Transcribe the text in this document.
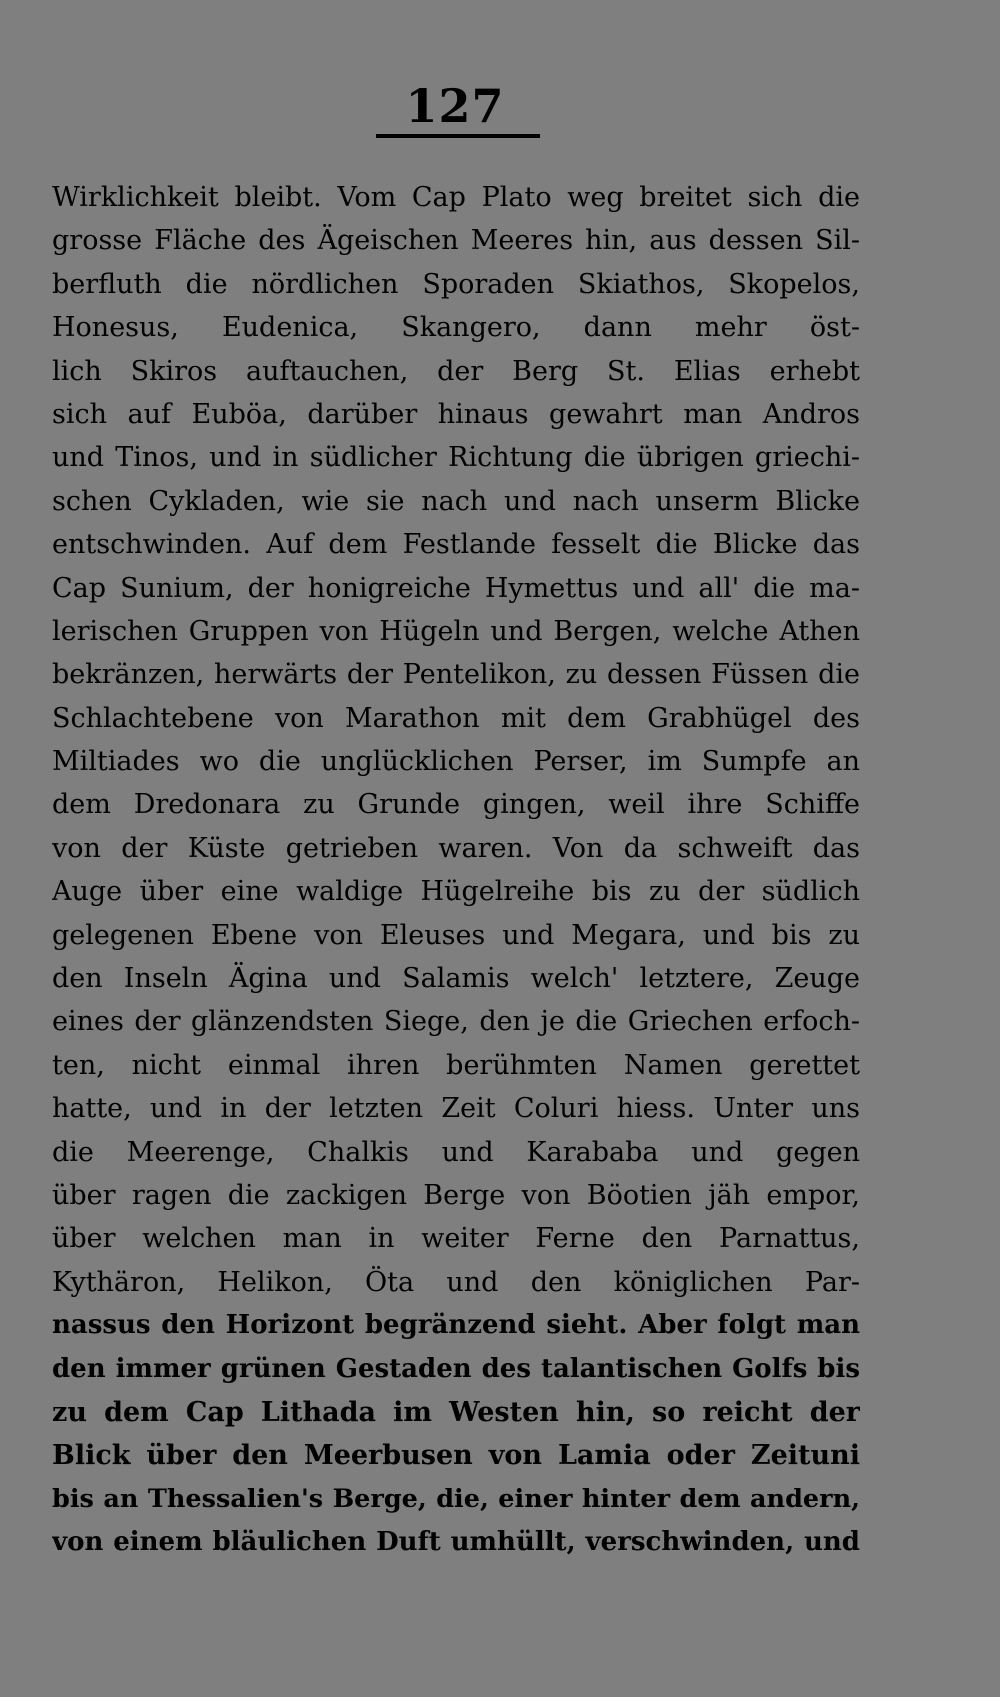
127
Wirklichkeit bleibt. Vom Cap Plato weg breitet sich die
grosse Fläche des Ägeischen Meeres hin, aus dessen Sil-
berfluth die nördlichen Sporaden Skiathos, Skopelos,
Honesus, Eudenica, Skangero, dann mehr öst-
lich Skiros auftauchen, der Berg St. Elias erhebt
sich auf Euböa, darüber hinaus gewahrt man Andros
und Tinos, und in südlicher Richtung die übrigen griechi-
schen Cykladen, wie sie nach und nach unserm Blicke
entschwinden. Auf dem Festlande fesselt die Blicke das
Cap Sunium, der honigreiche Hymettus und all' die ma-
lerischen Gruppen von Hügeln und Bergen, welche Athen
bekränzen, herwärts der Pentelikon, zu dessen Füssen die
Schlachtebene von Marathon mit dem Grabhügel des
Miltiades wo die unglücklichen Perser, im Sumpfe an
dem Dredonara zu Grunde gingen, weil ihre Schiffe
von der Küste getrieben waren. Von da schweift das
Auge über eine waldige Hügelreihe bis zu der südlich
gelegenen Ebene von Eleuses und Megara, und bis zu
den Inseln Ägina und Salamis welch' letztere, Zeuge
eines der glänzendsten Siege, den je die Griechen erfoch-
ten, nicht einmal ihren berühmten Namen gerettet
hatte, und in der letzten Zeit Coluri hiess. Unter uns
die Meerenge, Chalkis und Karababa und gegen
über ragen die zackigen Berge von Böotien jäh empor,
über welchen man in weiter Ferne den Parnattus,
Kythäron, Helikon, Öta und den königlichen Par-
nassus den Horizont begränzend sieht. Aber folgt man
den immer grünen Gestaden des talantischen Golfs bis
zu dem Cap Lithada im Westen hin, so reicht der
Blick über den Meerbusen von Lamia oder Zeituni
bis an Thessalien's Berge, die, einer hinter dem andern,
von einem bläulichen Duft umhüllt, verschwinden, und
